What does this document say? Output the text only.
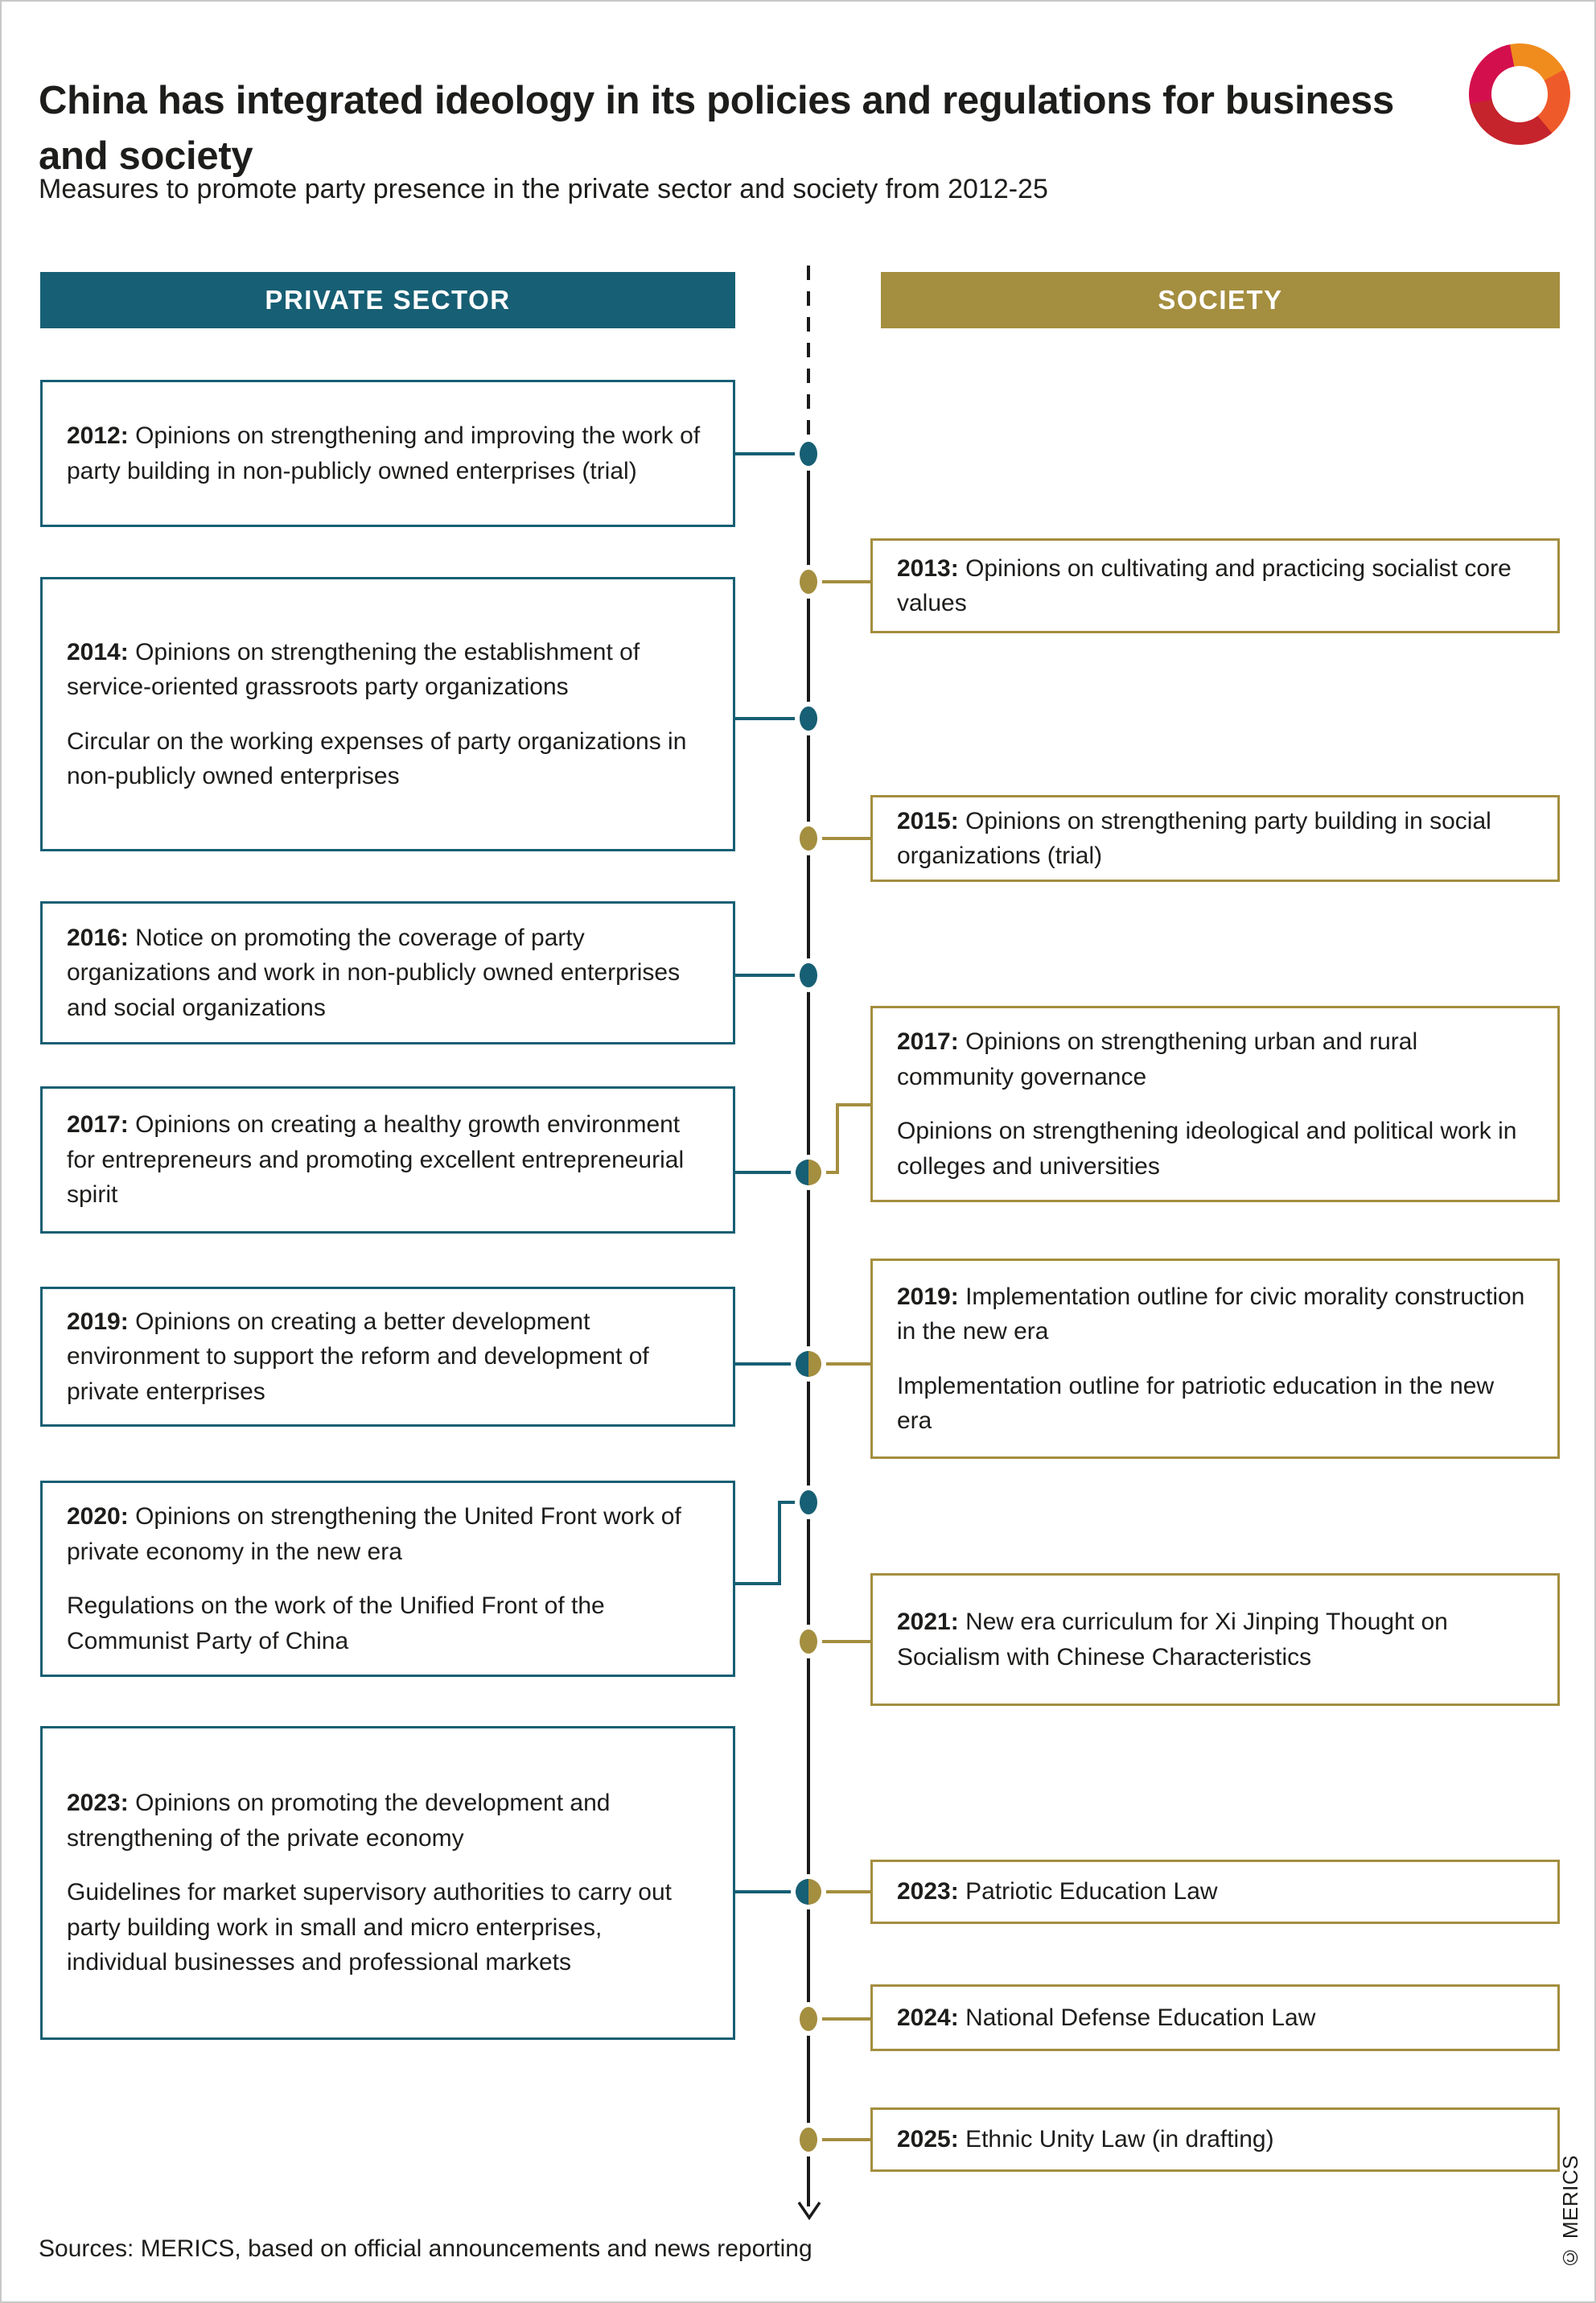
China has integrated ideology in its policies and regulations for business and society
Measures to promote party presence in the private sector and society from 2012-25
PRIVATE SECTOR	SOCIETY

2012: Opinions on strengthening and improving the work of party building in non-publicly owned enterprises (trial)

2014: Opinions on strengthening the establishment of service-oriented grassroots party organizations

Circular on the working expenses of party organizations in non-publicly owned enterprises

2016: Notice on promoting the coverage of party organizations and work in non-publicly owned enterprises and social organizations

2017: Opinions on creating a healthy growth environment for entrepreneurs and promoting excellent entrepreneurial spirit

2019: Opinions on creating a better development environment to support the reform and development of private enterprises

2020: Opinions on strengthening the United Front work of private economy in the new era

Regulations on the work of the Unified Front of the Communist Party of China

2023: Opinions on promoting the development and strengthening of the private economy

Guidelines for market supervisory authorities to carry out party building work in small and micro enterprises, individual businesses and professional markets

2013: Opinions on cultivating and practicing socialist core values

2015: Opinions on strengthening party building in social organizations (trial)

2017: Opinions on strengthening urban and rural community governance

Opinions on strengthening ideological and political work in colleges and universities

2019: Implementation outline for civic morality construction in the new era

Implementation outline for patriotic education in the new era

2021: New era curriculum for Xi Jinping Thought on Socialism with Chinese Characteristics

2023: Patriotic Education Law

2024: National Defense Education Law

2025: Ethnic Unity Law (in drafting)

Sources: MERICS, based on official announcements and news reporting	© MERICS
